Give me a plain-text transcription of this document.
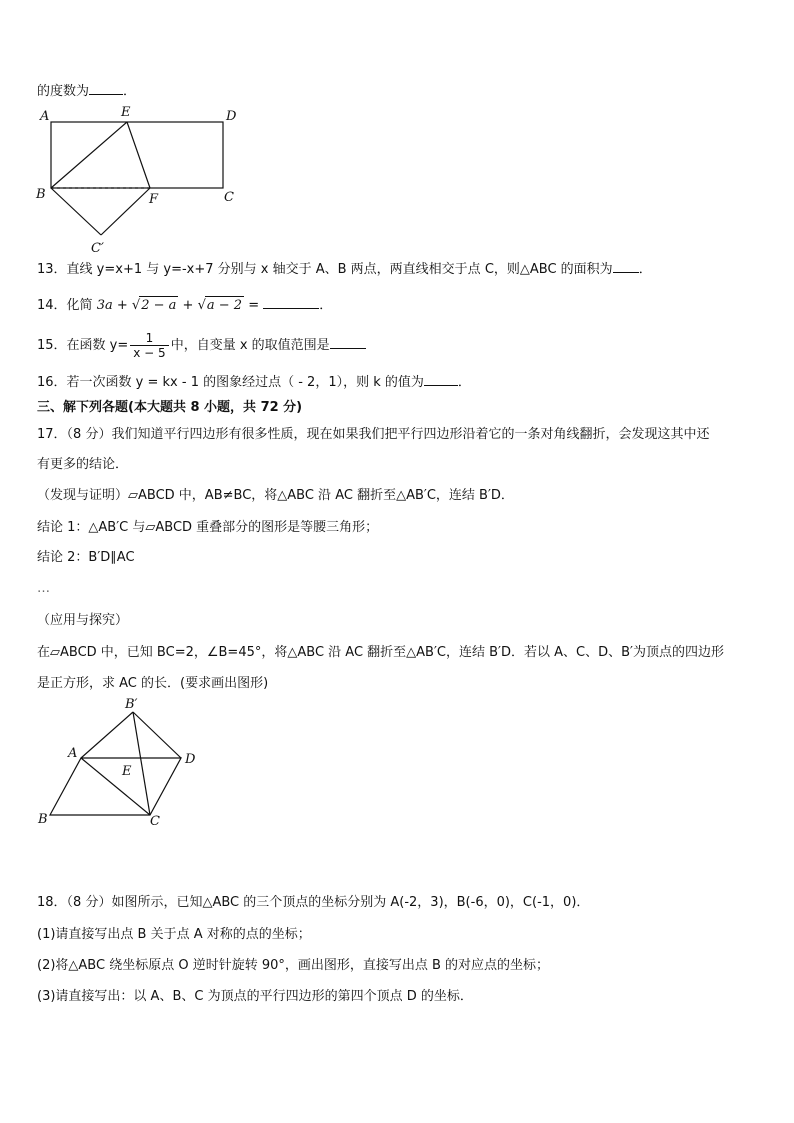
的度数为	．
A	E	D
B	F	C
C′
13．直线 y=x+1 与 y=-x+7 分别与 x 轴交于 A、B 两点，两直线相交于点 C，则△ABC 的面积为 ．
14．化简 3a + √2 − a + √a − 2 =	．
15．在函数 $y= \frac{1}{x - 5}$ 中，自变量 x 的取值范围是
16．若一次函数 y = kx - 1 的图象经过点（ - 2，1），则 k 的值为	．
三、解下列各题(本大题共 8 小题，共 72 分)
17．（8 分）我们知道平行四边形有很多性质，现在如果我们把平行四边形沿着它的一条对角线翻折，会发现这其中还
有更多的结论．
（发现与证明）▱ABCD 中，AB≠BC，将△ABC 沿 AC 翻折至△AB′C，连结 B′D．
结论 1：△AB′C 与▱ABCD 重叠部分的图形是等腰三角形；
结论 2：B′D∥AC
…
（应用与探究）
在▱ABCD 中，已知 BC=2，∠B=45°，将△ABC 沿 AC 翻折至△AB′C，连结 B′D．若以 A、C、D、B′为顶点的四边形
是正方形，求 AC 的长．(要求画出图形)
B′
A
E
D
B	C
18．（8 分）如图所示，已知△ABC 的三个顶点的坐标分别为 A(-2，3)，B(-6，0)，C(-1，0)．
(1)请直接写出点 B 关于点 A 对称的点的坐标；
(2)将△ABC 绕坐标原点 O 逆时针旋转 90°，画出图形，直接写出点 B 的对应点的坐标；
(3)请直接写出：以 A、B、C 为顶点的平行四边形的第四个顶点 D 的坐标．
